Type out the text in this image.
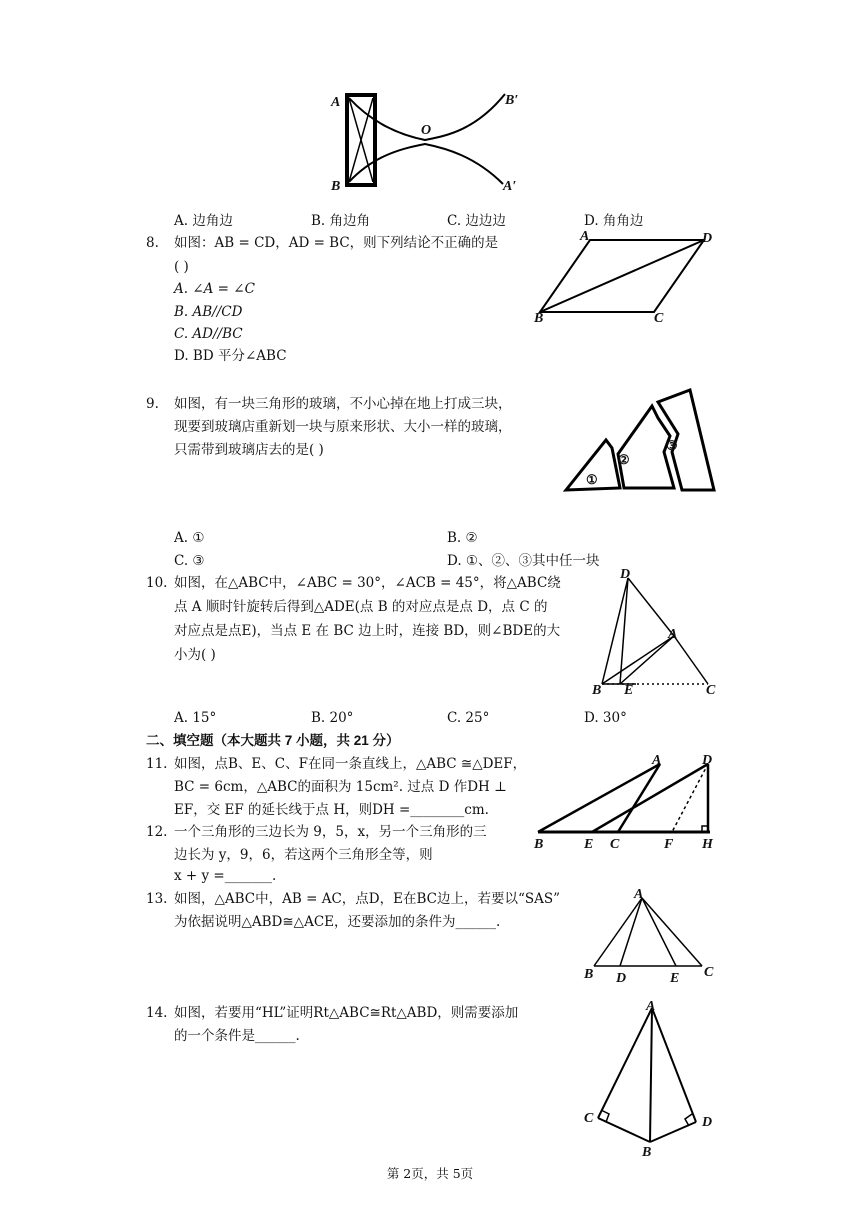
A
B
O
B′
A′
A. 边角边	B. 角边角	C. 边边边	D. 角角边
8. 如图：AB = CD，AD = BC，则下列结论不正确的是
( )
A. ∠A = ∠C
B. AB//CD
C. AD//BC
D. BD 平分∠ABC
A	D
B	C
9. 如图，有一块三角形的玻璃，不小心掉在地上打成三块，
现要到玻璃店重新划一块与原来形状、大小一样的玻璃，
只需带到玻璃店去的是( )
①
②
③
A. ①	B. ②
C. ③	D. ①、②、③其中任一块
10. 如图，在△ABC中，∠ABC = 30°，∠ACB = 45°，将△ABC绕
点 A 顺时针旋转后得到△ADE(点 B 的对应点是点 D，点 C 的
对应点是点E)，当点 E 在 BC 边上时，连接 BD，则∠BDE的大
小为( )
D
A
B E	C
A. 15°	B. 20°	C. 25°	D. 30°
二、填空题（本大题共 7 小题，共 21 分）
11. 如图，点B、E、C、F在同一条直线上，△ABC ≅△DEF，
BC = 6cm，△ABC的面积为 15cm². 过点 D 作DH ⊥
EF，交 EF 的延长线于点 H，则DH =________cm.
A	D
B	E C	F H
12. 一个三角形的三边长为 9，5，x，另一个三角形的三
边长为 y，9，6，若这两个三角形全等，则
x + y =_______.
13. 如图，△ABC中，AB = AC，点D，E在BC边上，若要以“SAS”
为依据说明△ABD≅△ACE，还要添加的条件为______.
A
B D	E C
14. 如图，若要用“HL”证明Rt△ABC≅Rt△ABD，则需要添加
的一个条件是______.
A
C	D
B
第 2页，共 5页
